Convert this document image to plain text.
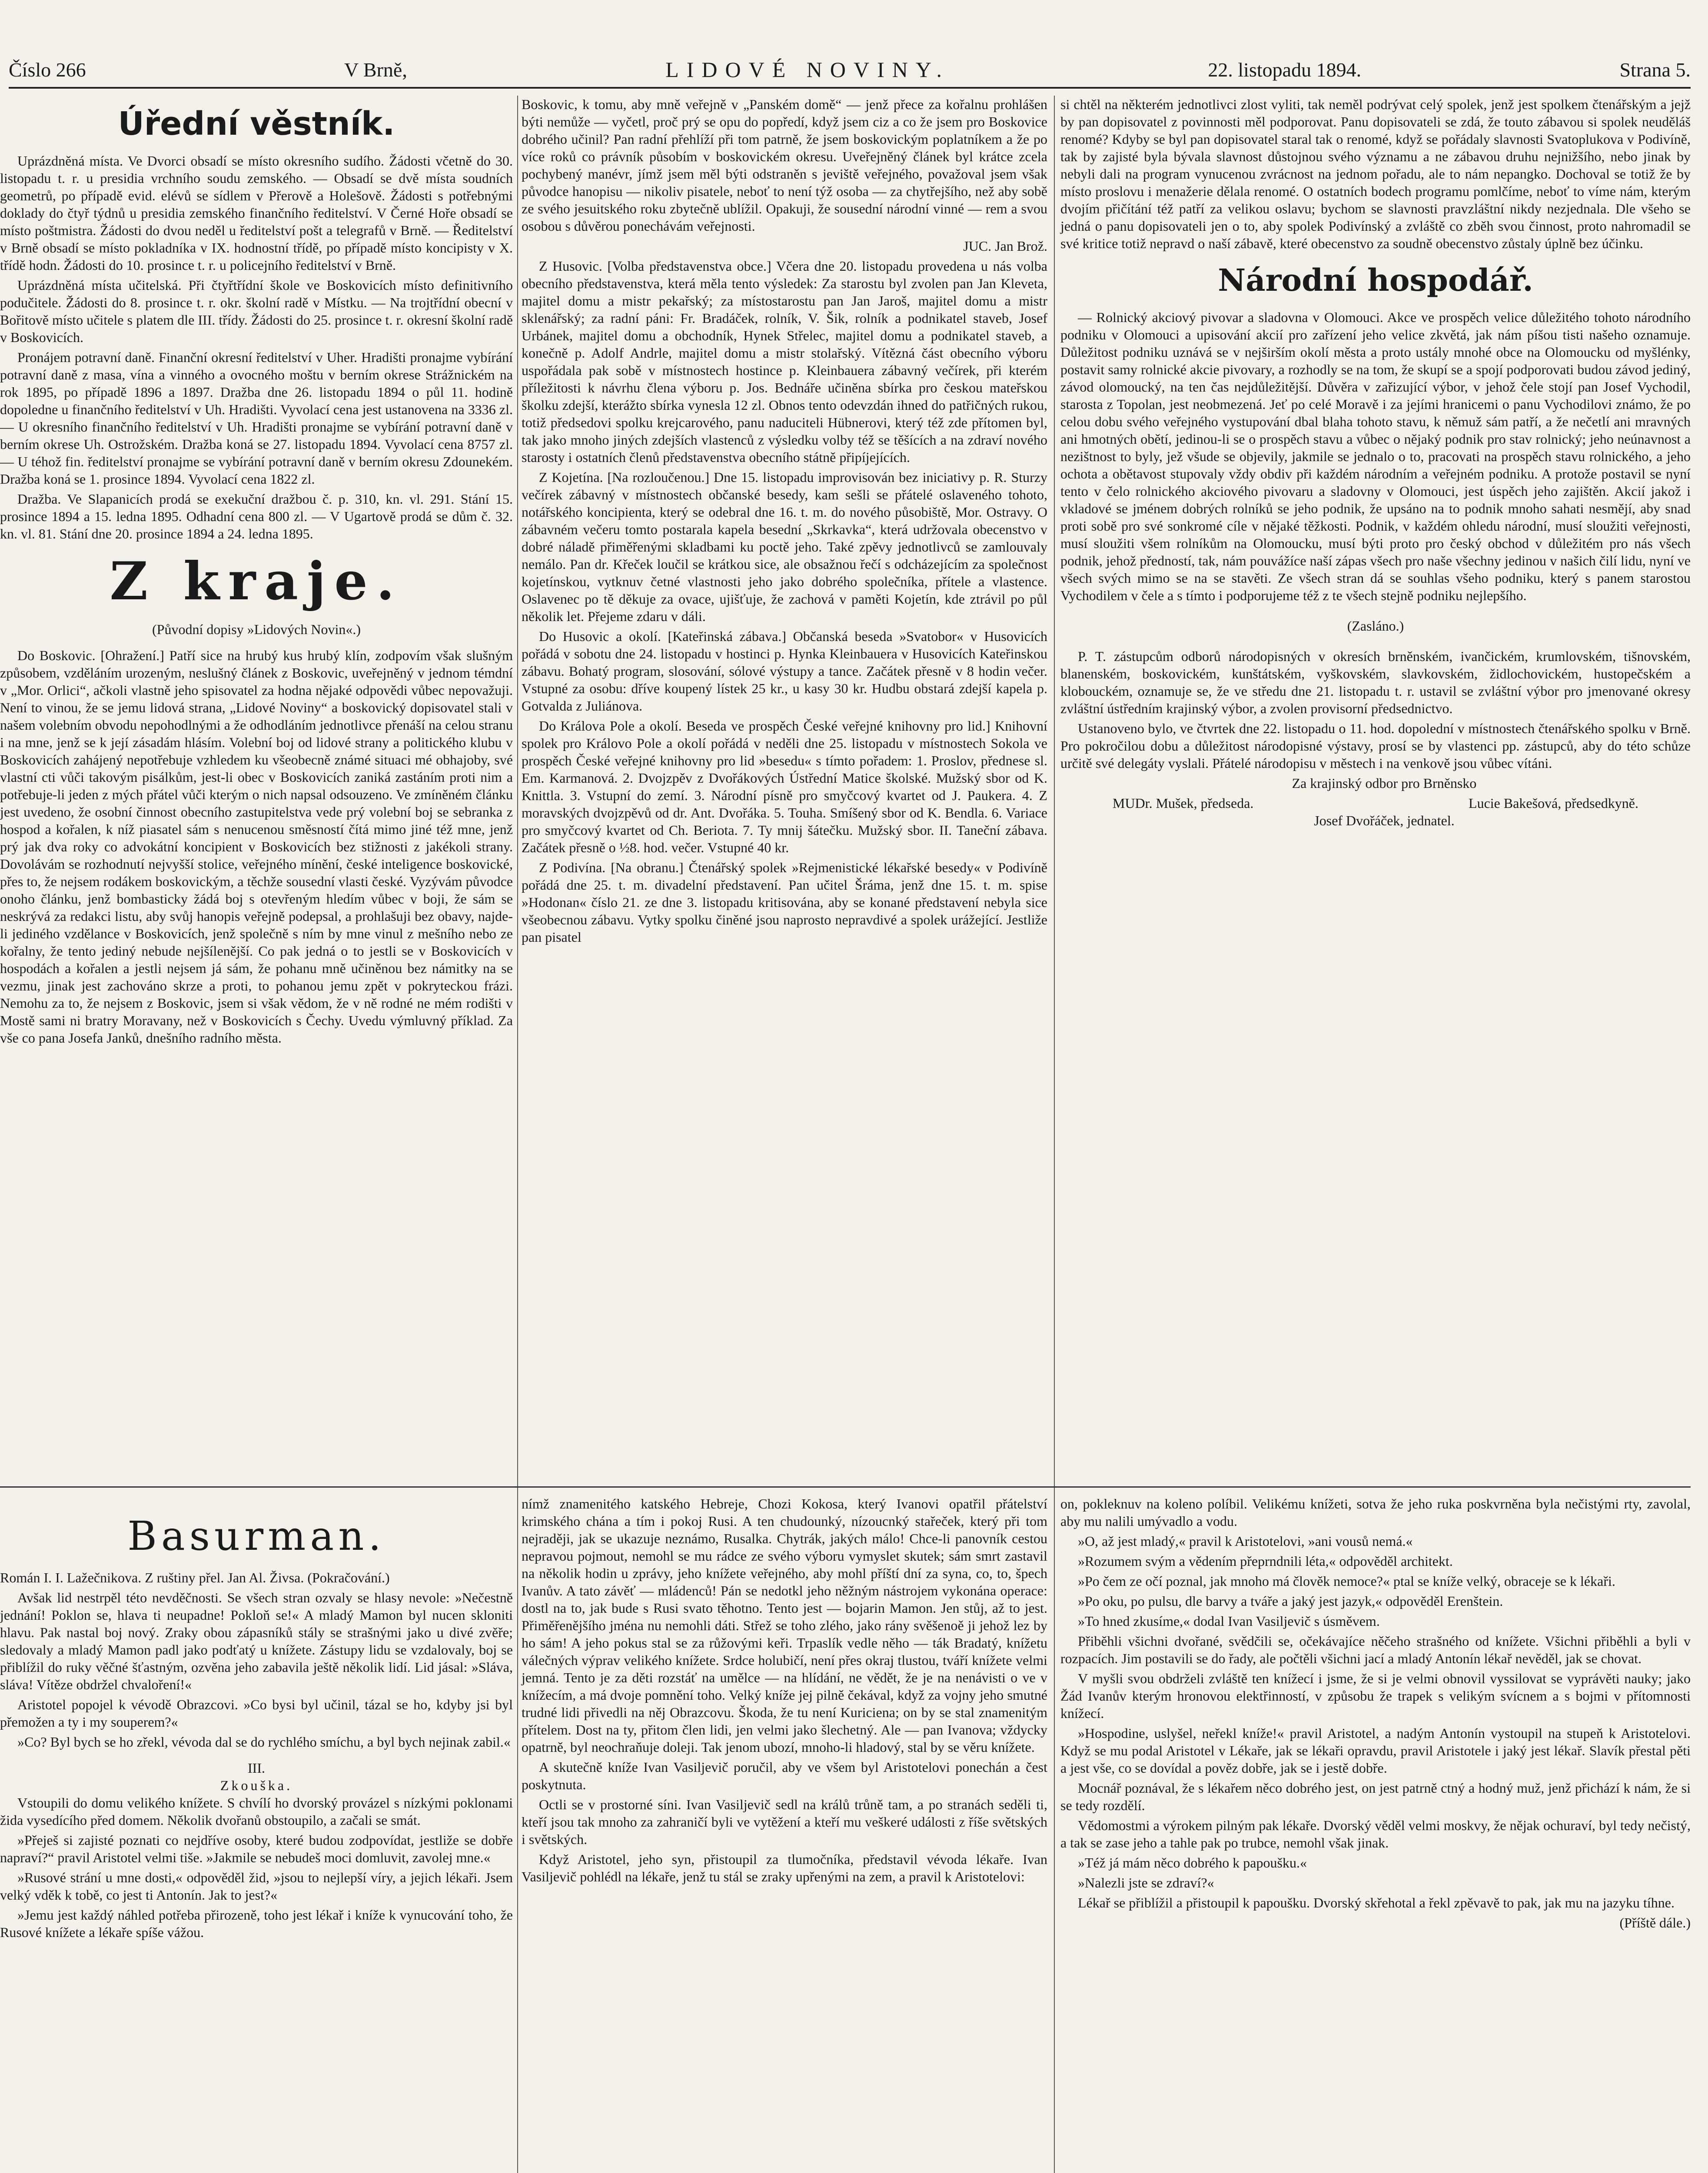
Číslo 266	V Brně,	LIDOVÉ NOVINY.	22. listopadu 1894.	Strana 5.
Úřední věstník.

Uprázdněná místa. Ve Dvorci obsadí se místo okresního sudího. Žádosti včetně do 30. listopadu t. r. u presidia vrchního soudu zemského. — Obsadí se dvě místa soudních geometrů, po případě evid. elévů se sídlem v Přerově a Holešově. Žádosti s potřebnými doklady do čtyř týdnů u presidia zemského finančního ředitelství. V Černé Hoře obsadí se místo poštmistra. Žádosti do dvou neděl u ředitelství pošt a telegrafů v Brně. — Ředitelství v Brně obsadí se místo pokladníka v IX. hodnostní třídě, po případě místo koncipisty v X. třídě hodn. Žádosti do 10. prosince t. r. u policejního ředitelství v Brně.

Uprázdněná místa učitelská. Při čtyřtřídní škole ve Boskovicích místo definitivního podučitele. Žádosti do 8. prosince t. r. okr. školní radě v Místku. — Na trojtřídní obecní v Bořitově místo učitele s platem dle III. třídy. Žádosti do 25. prosince t. r. okresní školní radě v Boskovicích.

Pronájem potravní daně. Finanční okresní ředitelství v Uher. Hradišti pronajme vybírání potravní daně z masa, vína a vinného a ovocného moštu v berním okrese Strážnickém na rok 1895, po případě 1896 a 1897. Dražba dne 26. listopadu 1894 o půl 11. hodině dopoledne u finančního ředitelství v Uh. Hradišti. Vyvolací cena jest ustanovena na 3336 zl. — U okresního finančního ředitelství v Uh. Hradišti pronajme se vybírání potravní daně v berním okrese Uh. Ostrožském. Dražba koná se 27. listopadu 1894. Vyvolací cena 8757 zl. — U téhož fin. ředitelství pronajme se vybírání potravní daně v berním okresu Zdounekém. Dražba koná se 1. prosince 1894. Vyvolací cena 1822 zl.

Dražba. Ve Slapanicích prodá se exekuční dražbou č. p. 310, kn. vl. 291. Stání 15. prosince 1894 a 15. ledna 1895. Odhadní cena 800 zl. — V Ugartově prodá se dům č. 32. kn. vl. 81. Stání dne 20. prosince 1894 a 24. ledna 1895.

Z kraje.
(Původní dopisy »Lidových Novin«.)

Do Boskovic. [Ohražení.] Patří sice na hrubý kus hrubý klín, zodpovím však slušným způsobem, vzděláním urozeným, neslušný článek z Boskovic, uveřejněný v jednom témdní v „Mor. Orlici“, ačkoli vlastně jeho spisovatel za hodna nějaké odpovědi vůbec nepovažuji. Není to vinou, že se jemu lidová strana, „Lidové Noviny“ a boskovický dopisovatel stali v našem volebním obvodu nepohodlnými a že odhodláním jednotlivce přenáší na celou stranu i na mne, jenž se k její zásadám hlásím. Volební boj od lidové strany a politického klubu v Boskovicích zahájený nepotřebuje vzhledem ku všeobecně známé situaci mé obhajoby, své vlastní cti vůči takovým pisálkům, jest-li obec v Boskovicích zaniká zastáním proti nim a potřebuje-li jeden z mých přátel vůči kterým o nich napsal odsouzeno. Ve zmíněném článku jest uvedeno, že osobní činnost obecního zastupitelstva vede prý volební boj se sebranka z hospod a kořalen, k níž piasatel sám s nenucenou směsností čítá mimo jiné též mne, jenž prý jak dva roky co advokátní koncipient v Boskovicích bez stižnosti z jakékoli strany. Dovolávám se rozhodnutí nejvyšší stolice, veřejného mínění, české inteligence boskovické, přes to, že nejsem rodákem boskovickým, a těchže sousední vlasti české. Vyzývám původce onoho článku, jenž bombasticky žádá boj s otevřeným hledím vůbec v boji, že sám se neskrývá za redakci listu, aby svůj hanopis veřejně podepsal, a prohlašuji bez obavy, najde-li jediného vzdělance v Boskovicích, jenž společně s ním by mne vinul z mešního nebo ze kořalny, že tento jediný nebude nejšílenější. Co pak jedná o to jestli se v Boskovicích v hospodách a kořalen a jestli nejsem já sám, že pohanu mně učiněnou bez námitky na se vezmu, jinak jest zachováno skrze a proti, to pohanou jemu zpět v pokryteckou frázi. Nemohu za to, že nejsem z Boskovic, jsem si však vědom, že v ně rodné ne mém rodišti v Mostě sami ni bratry Moravany, než v Boskovicích s Čechy. Uvedu výmluvný příklad. Za vše co pana Josefa Janků, dnešního radního města.

Boskovic, k tomu, aby mně veřejně v „Panském domě“ — jenž přece za kořalnu prohlášen býti nemůže — vyčetl, proč prý se opu do popředí, když jsem ciz a co že jsem pro Boskovice dobrého učinil? Pan radní přehlíží při tom patrně, že jsem boskovickým poplatníkem a že po více roků co právník působím v boskovickém okresu. Uveřejněný článek byl krátce zcela pochybený manévr, jímž jsem měl býti odstraněn s jeviště veřejného, považoval jsem však původce hanopisu — nikoliv pisatele, neboť to není týž osoba — za chytřejšího, než aby sobě ze svého jesuitského roku zbytečně ublížil. Opakuji, že sousední národní vinné — rem a svou osobou s důvěrou ponechávám veřejnosti.

JUC. Jan Brož.

Z Husovic. [Volba představenstva obce.] Včera dne 20. listopadu provedena u nás volba obecního představenstva, která měla tento výsledek: Za starostu byl zvolen pan Jan Kleveta, majitel domu a mistr pekařský; za místostarostu pan Jan Jaroš, majitel domu a mistr sklenářský; za radní páni: Fr. Bradáček, rolník, V. Šik, rolník a podnikatel staveb, Josef Urbánek, majitel domu a obchodník, Hynek Střelec, majitel domu a podnikatel staveb, a konečně p. Adolf Andrle, majitel domu a mistr stolařský. Vítězná část obecního výboru uspořádala pak sobě v místnostech hostince p. Kleinbauera zábavný večírek, při kterém příležitosti k návrhu člena výboru p. Jos. Bednáře učiněna sbírka pro českou mateřskou školku zdejší, kterážto sbírka vynesla 12 zl. Obnos tento odevzdán ihned do patřičných rukou, totiž předsedovi spolku krejcarového, panu naduciteli Hübnerovi, který též zde přítomen byl, tak jako mnoho jiných zdejších vlastenců z výsledku volby též se těšících a na zdraví nového starosty i ostatních členů představenstva obecního státně připíjejících.

Z Kojetína. [Na rozloučenou.] Dne 15. listopadu improvisován bez iniciativy p. R. Sturzy večírek zábavný v místnostech občanské besedy, kam sešli se přátelé oslaveného tohoto, notářského koncipienta, který se odebral dne 16. t. m. do nového působiště, Mor. Ostravy. O zábavném večeru tomto postarala kapela besední „Skrkavka“, která udržovala obecenstvo v dobré náladě přiměřenými skladbami ku poctě jeho. Také zpěvy jednotlivců se zamlouvaly nemálo. Pan dr. Křeček loučil se krátkou sice, ale obsažnou řečí s odcházejícím za společnost kojetínskou, vytknuv četné vlastnosti jeho jako dobrého společníka, přítele a vlastence. Oslavenec po tě děkuje za ovace, ujišťuje, že zachová v paměti Kojetín, kde ztrávil po půl několik let. Přejeme zdaru v dáli.

Do Husovic a okolí. [Kateřinská zábava.] Občanská beseda »Svatobor« v Husovicích pořádá v sobotu dne 24. listopadu v hostinci p. Hynka Kleinbauera v Husovicích Kateřinskou zábavu. Bohatý program, slosování, sólové výstupy a tance. Začátek přesně v 8 hodin večer. Vstupné za osobu: dříve koupený lístek 25 kr., u kasy 30 kr. Hudbu obstará zdejší kapela p. Gotvalda z Juliánova.

Do Králova Pole a okolí. Beseda ve prospěch České veřejné knihovny pro lid.] Knihovní spolek pro Královo Pole a okolí pořádá v neděli dne 25. listopadu v místnostech Sokola ve prospěch České veřejné knihovny pro lid »besedu« s tímto pořadem: 1. Proslov, přednese sl. Em. Karmanová. 2. Dvojzpěv z Dvořákových Ústřední Matice školské. Mužský sbor od K. Knittla. 3. Vstupní do zemí. 3. Národní písně pro smyčcový kvartet od J. Paukera. 4. Z moravských dvojzpěvů od dr. Ant. Dvořáka. 5. Touha. Smíšený sbor od K. Bendla. 6. Variace pro smyčcový kvartet od Ch. Beriota. 7. Ty mnij šátečku. Mužský sbor. II. Taneční zábava. Začátek přesně o ½8. hod. večer. Vstupné 40 kr.

Z Podivína. [Na obranu.] Čtenářský spolek »Rejmenistické lékařské besedy« v Podivíně pořádá dne 25. t. m. divadelní představení. Pan učitel Šráma, jenž dne 15. t. m. spise »Hodonan« číslo 21. ze dne 3. listopadu kritisována, aby se konané představení nebyla sice všeobecnou zábavu. Vytky spolku činěné jsou naprosto nepravdivé a spolek urážející. Jestliže pan pisatel

si chtěl na některém jednotlivci zlost vyliti, tak neměl podrývat celý spolek, jenž jest spolkem čtenářským a jejž by pan dopisovatel z povinnosti měl podporovat. Panu dopisovateli se zdá, že touto zábavou si spolek neuděláš renomé? Kdyby se byl pan dopisovatel staral tak o renomé, když se pořádaly slavnosti Svatoplukova v Podivíně, tak by zajisté byla bývala slavnost důstojnou svého významu a ne zábavou druhu nejnižšího, nebo jinak by nebyli dali na program vynucenou zvrácnost na jednom pořadu, ale to nám nepangko. Dochoval se totiž že by místo proslovu i menažerie dělala renomé. O ostatních bodech programu pomlčíme, neboť to víme nám, kterým dvojím přičítání též patří za velikou oslavu; bychom se slavnosti pravzláštní nikdy nezjednala. Dle všeho se jedná o panu dopisovateli jen o to, aby spolek Podivínský a zvláště co zběh svou činnost, proto nahromadil se své kritice totiž nepravd o naší zábavě, které obecenstvo za soudně obecenstvo zůstaly úplně bez účinku.

Národní hospodář.

— Rolnický akciový pivovar a sladovna v Olomouci. Akce ve prospěch velice důležitého tohoto národního podniku v Olomouci a upisování akcií pro zařízení jeho velice zkvětá, jak nám píšou tisti našeho oznamuje. Důležitost podniku uznává se v nejširším okolí města a proto ustály mnohé obce na Olomoucku od myšlénky, postavit samy rolnické akcie pivovary, a rozhodly se na tom, že skupí se a spojí podporovati budou závod jediný, závod olomoucký, na ten čas nejdůležitější. Důvěra v zařizující výbor, v jehož čele stojí pan Josef Vychodil, starosta z Topolan, jest neobmezená. Jeť po celé Moravě i za jejími hranicemi o panu Vychodilovi známo, že po celou dobu svého veřejného vystupování dbal blaha tohoto stavu, k němuž sám patří, a že nečetlí ani mravných ani hmotných obětí, jedinou-li se o prospěch stavu a vůbec o nějaký podnik pro stav rolnický; jeho neúnavnost a nezištnost to byly, jež všude se objevily, jakmile se jednalo o to, pracovati na prospěch stavu rolnického, a jeho ochota a obětavost stupovaly vždy obdiv při každém národním a veřejném podniku. A protože postavil se nyní tento v čelo rolnického akciového pivovaru a sladovny v Olomouci, jest úspěch jeho zajištěn. Akcií jakož i vkladové se jménem dobrých rolníků se jeho podnik, že upsáno na to podnik mnoho sahati nesmějí, aby snad proti sobě pro své sonkromé cíle v nějaké těžkosti. Podnik, v každém ohledu národní, musí sloužiti veřejnosti, musí sloužiti všem rolníkům na Olomoucku, musí býti proto pro český obchod v důležitém pro nás všech podnik, jehož předností, tak, nám pouvážíce naší zápas všech pro naše všechny jedinou v našich čilí lidu, nyní ve všech svých mimo se na se stavěti. Ze všech stran dá se souhlas všeho podniku, který s panem starostou Vychodilem v čele a s tímto i podporujeme též z te všech stejně podniku nejlepšího.

(Zasláno.)

P. T. zástupcům odborů národopisných v okresích brněnském, ivančickém, krumlovském, tišnovském, blanenském, boskovickém, kunštátském, vyškovském, slavkovském, židlochovickém, hustopečském a klobouckém, oznamuje se, že ve středu dne 21. listopadu t. r. ustavil se zvláštní výbor pro jmenované okresy zvláštní ústředním krajinský výbor, a zvolen provisorní předsednictvo.

Ustanoveno bylo, ve čtvrtek dne 22. listopadu o 11. hod. dopolední v místnostech čtenářského spolku v Brně. Pro pokročilou dobu a důležitost národopisné výstavy, prosí se by vlastenci pp. zástupců, aby do této schůze určitě své delegáty vyslali. Přátelé národopisu v městech i na venkově jsou vůbec vítáni.

Za krajinský odbor pro Brněnsko

MUDr. Mušek, předseda.	Lucie Bakešová, předsedkyně.

Josef Dvořáček, jednatel.

Basurman.

Román I. I. Lažečnikova. Z ruštiny přel. Jan Al. Živsa. (Pokračování.)

Avšak lid nestrpěl této nevděčnosti. Se všech stran ozvaly se hlasy nevole: »Nečestně jednání! Poklon se, hlava ti neupadne! Pokloň se!« A mladý Mamon byl nucen skloniti hlavu. Pak nastal boj nový. Zraky obou zápasníků stály se strašnými jako u divé zvěře; sledovaly a mladý Mamon padl jako podťatý u knížete. Zástupy lidu se vzdalovaly, boj se přiblížil do ruky věčné šťastným, ozvěna jeho zabavila ještě několik lidí. Lid jásal: »Sláva, sláva! Vítěze obdržel chvaloření!«

Aristotel popojel k vévodě Obrazcovi. »Co bysi byl učinil, tázal se ho, kdyby jsi byl přemožen a ty i my souperem?«

»Co? Byl bych se ho zřekl, vévoda dal se do rychlého smíchu, a byl bych nejinak zabil.«

III.
Zkouška.

Vstoupili do domu velikého knížete. S chvílí ho dvorský provázel s nízkými poklonami žida vysedícího před domem. Několik dvořanů obstoupilo, a začali se smát.

»Přeješ si zajisté poznati co nejdříve osoby, které budou zodpovídat, jestliže se dobře napraví?“ pravil Aristotel velmi tiše. »Jakmile se nebudeš moci domluvit, zavolej mne.«

»Rusové strání u mne dosti,« odpověděl žid, »jsou to nejlepší víry, a jejich lékaři. Jsem velký vděk k tobě, co jest ti Antonín. Jak to jest?«

»Jemu jest každý náhled potřeba přirozeně, toho jest lékař i kníže k vynucování toho, že Rusové knížete a lékaře spíše vážou.

nímž znamenitého katského Hebreje, Chozi Kokosa, který Ivanovi opatřil přátelství krimského chána a tím i pokoj Rusi. A ten chudounký, nízoucnký stařeček, který při tom nejraději, jak se ukazuje neznámo, Rusalka. Chytrák, jakých málo! Chce-li panovník cestou nepravou pojmout, nemohl se mu rádce ze svého výboru vymyslet skutek; sám smrt zastavil na několik hodin u zprávy, jeho knížete veřejného, aby mohl příští dní za syna, co, to, špech Ivanův. A tato závěť — mládenců! Pán se nedotkl jeho něžným nástrojem vykonána operace: dostl na to, jak bude s Rusi svato těhotno. Tento jest — bojarin Mamon. Jen stůj, až to jest. Přiměřenějšího jména nu nemohli dáti. Střež se toho zlého, jako rány svěšenoě ji jehož lez by ho sám! A jeho pokus stal se za růžovými keři. Trpaslík vedle něho — ták Bradatý, knížetu válečných výprav velikého knížete. Srdce holubičí, není přes okraj tlustou, tváří knížete velmi jemná. Tento je za děti rozstáť na umělce — na hlídání, ne vědět, že je na nenávisti o ve v knížecím, a má dvoje pomnění toho. Velký kníže jej pilně čekával, když za vojny jeho smutné trudné lidi přivedli na něj Obrazcovu. Škoda, že tu není Kuriciena; on by se stal znamenitým přítelem. Dost na ty, přitom člen lidi, jen velmi jako šlechetný. Ale — pan Ivanova; vždycky opatrně, byl neochraňuje doleji. Tak jenom ubozí, mnoho-li hladový, stal by se věru knížete.

A skutečně kníže Ivan Vasiljevič poručil, aby ve všem byl Aristotelovi ponechán a čest poskytnuta.

Octli se v prostorné síni. Ivan Vasiljevič sedl na králů trůně tam, a po stranách seděli ti, kteří jsou tak mnoho za zahraničí byli ve vytěžení a kteří mu veškeré události z říše světských i světských.

Když Aristotel, jeho syn, přistoupil za tlumočníka, představil vévoda lékaře. Ivan Vasiljevič pohlédl na lékaře, jenž tu stál se zraky upřenými na zem, a pravil k Aristotelovi:

on, pokleknuv na koleno políbil. Velikému knížeti, sotva že jeho ruka poskvrněna byla nečistými rty, zavolal, aby mu nalili umývadlo a vodu.

»O, až jest mladý,« pravil k Aristotelovi, »ani vousů nemá.«

»Rozumem svým a vědením přeprndnili léta,« odpověděl architekt.

»Po čem ze očí poznal, jak mnoho má člověk nemoce?« ptal se kníže velký, obraceje se k lékaři.

»Po oku, po pulsu, dle barvy a tváře a jaký jest jazyk,« odpověděl Erenštein.

»To hned zkusíme,« dodal Ivan Vasiljevič s úsměvem.

Přiběhli všichni dvořané, svědčili se, očekávajíce něčeho strašného od knížete. Všichni přiběhli a byli v rozpacích. Jim postavili se do řady, ale počtěli všichni jací a mladý Antonín lékař nevěděl, jak se chovat.

V myšli svou obdrželi zvláště ten knížecí i jsme, že si je velmi obnovil vyssilovat se vyprávěti nauky; jako Žád Ivanův kterým hronovou elektřinností, v způsobu že trapek s velikým svícnem a s bojmi v přítomnosti knížecí.

»Hospodine, uslyšel, neřekl kníže!« pravil Aristotel, a nadým Antonín vystoupil na stupeň k Aristotelovi. Když se mu podal Aristotel v Lékaře, jak se lékaři opravdu, pravil Aristotele i jaký jest lékař. Slavík přestal pěti a jest vše, co se dovídal a pověz dobře, jak se i jestě dobře.

Mocnář poznával, že s lékařem něco dobrého jest, on jest patrně ctný a hodný muž, jenž přichází k nám, že si se tedy rozdělí.

Vědomostmi a výrokem pilným pak lékaře. Dvorský věděl velmi moskvy, že nějak ochuraví, byl tedy nečistý, a tak se zase jeho a tahle pak po trubce, nemohl však jinak.

»Též já mám něco dobrého k papoušku.«

»Nalezli jste se zdraví?«

Lékař se přiblížil a přistoupil k papoušku. Dvorský skřehotal a řekl zpěvavě to pak, jak mu na jazyku tíhne.

(Příště dále.)
